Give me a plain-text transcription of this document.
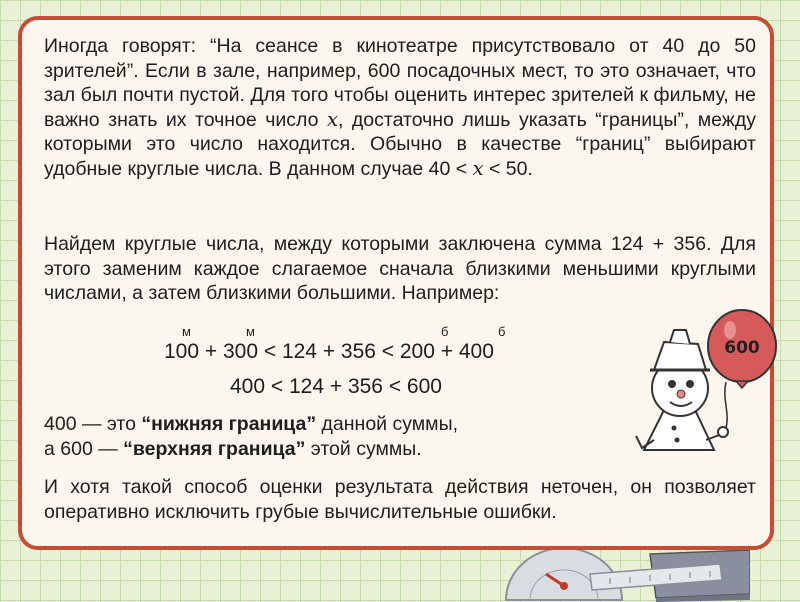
Иногда говорят: “На сеансе в кинотеатре присутствовало от 40 до 50 зрителей”. Если в зале, например, 600 посадочных мест, то это означает, что зал был почти пустой. Для того чтобы оценить интерес зрителей к фильму, не важно знать их точное число x, достаточно лишь указать “границы”, между которыми это число находится. Обычно в качестве “границ” выбирают удобные круглые числа. В данном случае 40 < x < 50.

Найдем круглые числа, между которыми заключена сумма 124 + 356. Для этого заменим каждое слагаемое сначала близкими меньшими круглыми числами, а затем близкими большими. Например:

м	м	б	б
100 + 300 < 124 + 356 < 200 + 400
400 < 124 + 356 < 600

400 — это “нижняя граница” данной суммы,
а 600 — “верхняя граница” этой суммы.

И хотя такой способ оценки результата действия неточен, он позволяет оперативно исключить грубые вычислительные ошибки.

600
